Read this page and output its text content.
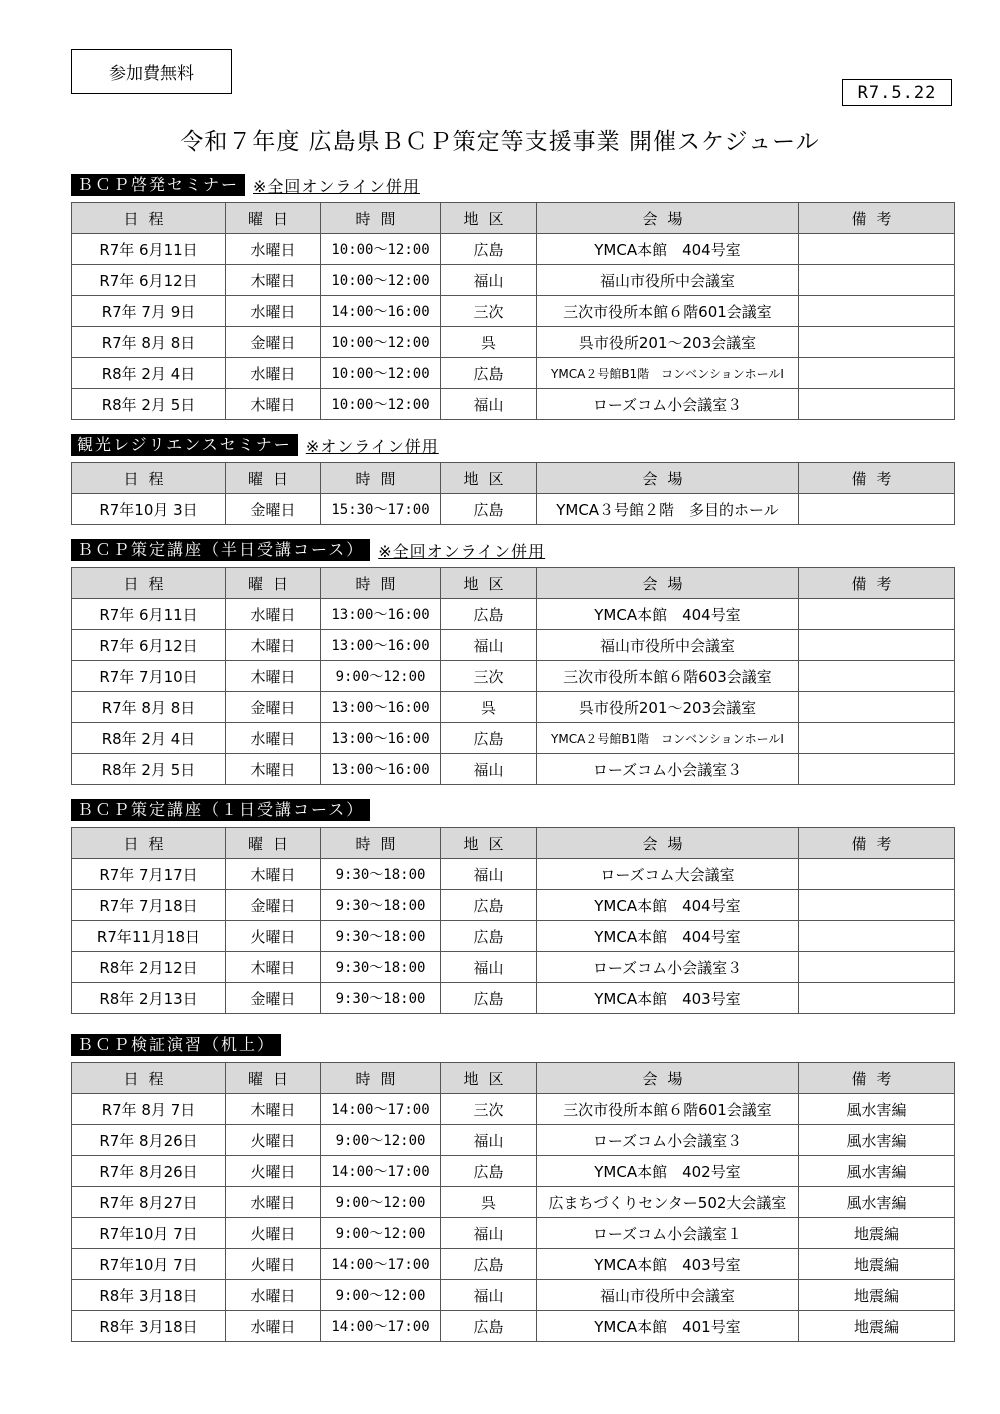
参加費無料
R7.5.22
令和７年度 広島県ＢＣＰ策定等支援事業 開催スケジュール
ＢＣＰ啓発セミナー ※全回オンライン併用
日程	曜日	時間	地区	会場	備考
R7年 6月11日	水曜日	10:00～12:00	広島	YMCA本館　404号室	
R7年 6月12日	木曜日	10:00～12:00	福山	福山市役所中会議室	
R7年 7月 9日	水曜日	14:00～16:00	三次	三次市役所本館６階601会議室	
R7年 8月 8日	金曜日	10:00～12:00	呉	呉市役所201～203会議室	
R8年 2月 4日	水曜日	10:00～12:00	広島	YMCA２号館B1階　コンベンションホールⅠ	
R8年 2月 5日	木曜日	10:00～12:00	福山	ローズコム小会議室３	
観光レジリエンスセミナー ※オンライン併用
日程	曜日	時間	地区	会場	備考
R7年10月 3日	金曜日	15:30～17:00	広島	YMCA３号館２階　多目的ホール	
ＢＣＰ策定講座（半日受講コース） ※全回オンライン併用
日程	曜日	時間	地区	会場	備考
R7年 6月11日	水曜日	13:00～16:00	広島	YMCA本館　404号室	
R7年 6月12日	木曜日	13:00～16:00	福山	福山市役所中会議室	
R7年 7月10日	木曜日	9:00～12:00	三次	三次市役所本館６階603会議室	
R7年 8月 8日	金曜日	13:00～16:00	呉	呉市役所201～203会議室	
R8年 2月 4日	水曜日	13:00～16:00	広島	YMCA２号館B1階　コンベンションホールⅠ	
R8年 2月 5日	木曜日	13:00～16:00	福山	ローズコム小会議室３	
ＢＣＰ策定講座（１日受講コース）
日程	曜日	時間	地区	会場	備考
R7年 7月17日	木曜日	9:30～18:00	福山	ローズコム大会議室	
R7年 7月18日	金曜日	9:30～18:00	広島	YMCA本館　404号室	
R7年11月18日	火曜日	9:30～18:00	広島	YMCA本館　404号室	
R8年 2月12日	木曜日	9:30～18:00	福山	ローズコム小会議室３	
R8年 2月13日	金曜日	9:30～18:00	広島	YMCA本館　403号室	
ＢＣＰ検証演習（机上）
日程	曜日	時間	地区	会場	備考
R7年 8月 7日	木曜日	14:00～17:00	三次	三次市役所本館６階601会議室	風水害編
R7年 8月26日	火曜日	9:00～12:00	福山	ローズコム小会議室３	風水害編
R7年 8月26日	火曜日	14:00～17:00	広島	YMCA本館　402号室	風水害編
R7年 8月27日	水曜日	9:00～12:00	呉	広まちづくりセンター502大会議室	風水害編
R7年10月 7日	火曜日	9:00～12:00	福山	ローズコム小会議室１	地震編
R7年10月 7日	火曜日	14:00～17:00	広島	YMCA本館　403号室	地震編
R8年 3月18日	水曜日	9:00～12:00	福山	福山市役所中会議室	地震編
R8年 3月18日	水曜日	14:00～17:00	広島	YMCA本館　401号室	地震編
